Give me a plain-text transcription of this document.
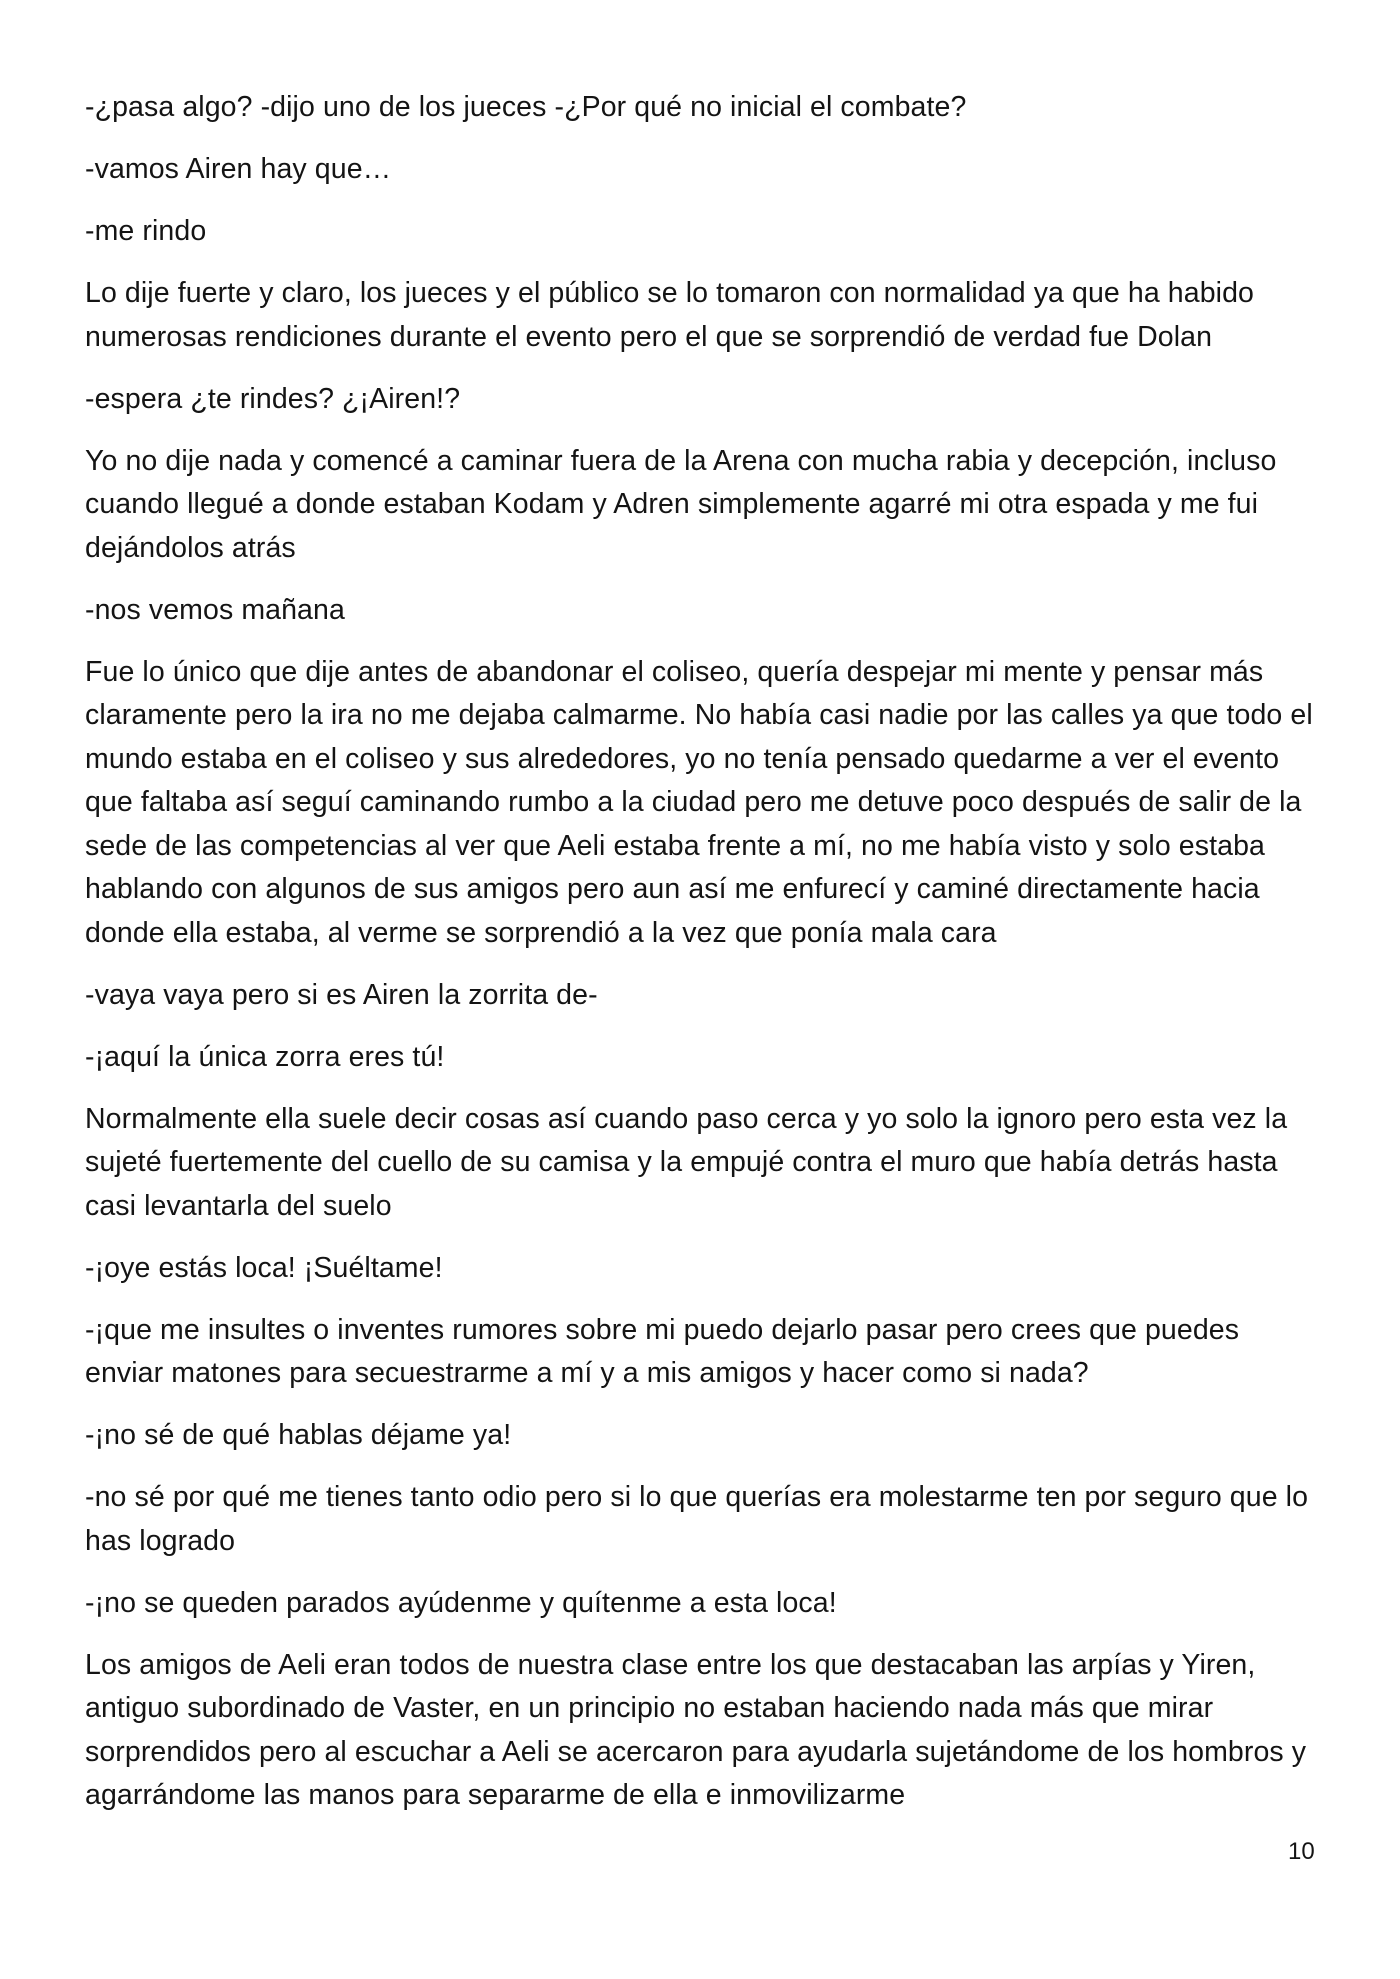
-¿pasa algo? -dijo uno de los jueces -¿Por qué no inicial el combate?

-vamos Airen hay que…

-me rindo

Lo dije fuerte y claro, los jueces y el público se lo tomaron con normalidad ya que ha habido numerosas rendiciones durante el evento pero el que se sorprendió de verdad fue Dolan

-espera ¿te rindes? ¿¡Airen!?

Yo no dije nada y comencé a caminar fuera de la Arena con mucha rabia y decepción, incluso cuando llegué a donde estaban Kodam y Adren simplemente agarré mi otra espada y me fui dejándolos atrás

-nos vemos mañana

Fue lo único que dije antes de abandonar el coliseo, quería despejar mi mente y pensar más claramente pero la ira no me dejaba calmarme. No había casi nadie por las calles ya que todo el mundo estaba en el coliseo y sus alrededores, yo no tenía pensado quedarme a ver el evento que faltaba así seguí caminando rumbo a la ciudad pero me detuve poco después de salir de la sede de las competencias al ver que Aeli estaba frente a mí, no me había visto y solo estaba hablando con algunos de sus amigos pero aun así me enfurecí y caminé directamente hacia donde ella estaba, al verme se sorprendió a la vez que ponía mala cara

-vaya vaya pero si es Airen la zorrita de-

-¡aquí la única zorra eres tú!

Normalmente ella suele decir cosas así cuando paso cerca y yo solo la ignoro pero esta vez la sujeté fuertemente del cuello de su camisa y la empujé contra el muro que había detrás hasta casi levantarla del suelo

-¡oye estás loca! ¡Suéltame!

-¡que me insultes o inventes rumores sobre mi puedo dejarlo pasar pero crees que puedes enviar matones para secuestrarme a mí y a mis amigos y hacer como si nada?

-¡no sé de qué hablas déjame ya!

-no sé por qué me tienes tanto odio pero si lo que querías era molestarme ten por seguro que lo has logrado

-¡no se queden parados ayúdenme y quítenme a esta loca!

Los amigos de Aeli eran todos de nuestra clase entre los que destacaban las arpías y Yiren, antiguo subordinado de Vaster, en un principio no estaban haciendo nada más que mirar sorprendidos pero al escuchar a Aeli se acercaron para ayudarla sujetándome de los hombros y agarrándome las manos para separarme de ella e inmovilizarme

10
